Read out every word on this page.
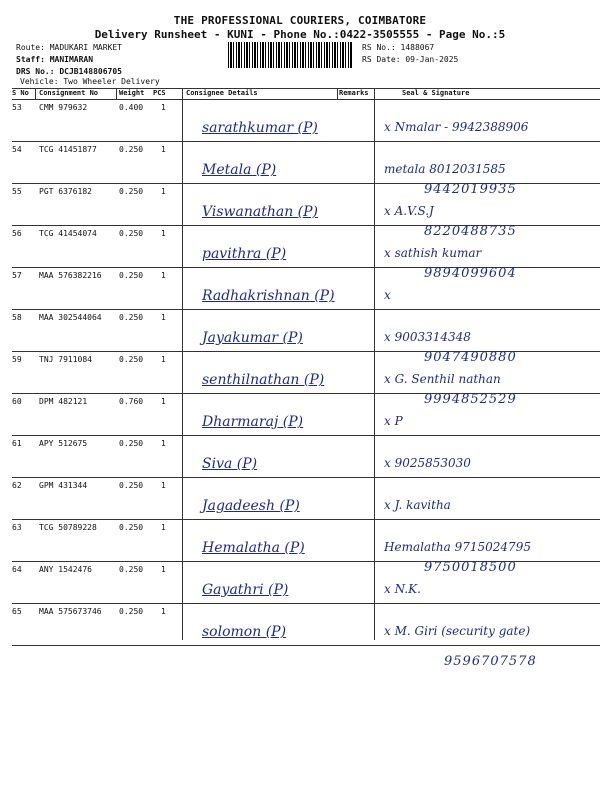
THE PROFESSIONAL COURIERS, COIMBATORE
Delivery Runsheet - KUNI - Phone No.:0422-3505555 - Page No.:5
Route: MADUKARI MARKET
Staff: MANIMARAN
DRS No.: DCJB148806705
Vehicle: Two Wheeler Delivery
RS No.: 1488067
RS Date: 09-Jan-2025
S No Consignment No	Weight PCS	Consignee Details	Remarks	Seal & Signature
53 CMM 979632	0.400 1
sarathkumar (P)	x Nmalar - 9942388906
54 TCG 41451877	0.250 1
Metala (P)	metala 8012031585
55 PGT 6376182	0.250 1
Viswanathan (P)	x A.V.S.J
9442019935
56 TCG 41454074	0.250 1
pavithra (P)	x sathish kumar
8220488735
57 MAA 576382216 0.250 1
Radhakrishnan (P)	x
9894099604
58 MAA 302544064 0.250 1
Jayakumar (P)	x 9003314348
59 TNJ 7911084	0.250 1
senthilnathan (P)	x G. Senthil nathan
9047490880
60 DPM 482121	0.760 1
Dharmaraj (P)	x P
9994852529
61 APY 512675	0.250 1
Siva (P)	x 9025853030
62 GPM 431344	0.250 1
Jagadeesh (P)	x J. kavitha
63 TCG 50789228	0.250 1
Hemalatha (P)	Hemalatha 9715024795
64 ANY 1542476	0.250 1
Gayathri (P)	x N.K.
9750018500
65 MAA 575673746 0.250 1
solomon (P)	x M. Giri (security gate)
9596707578
